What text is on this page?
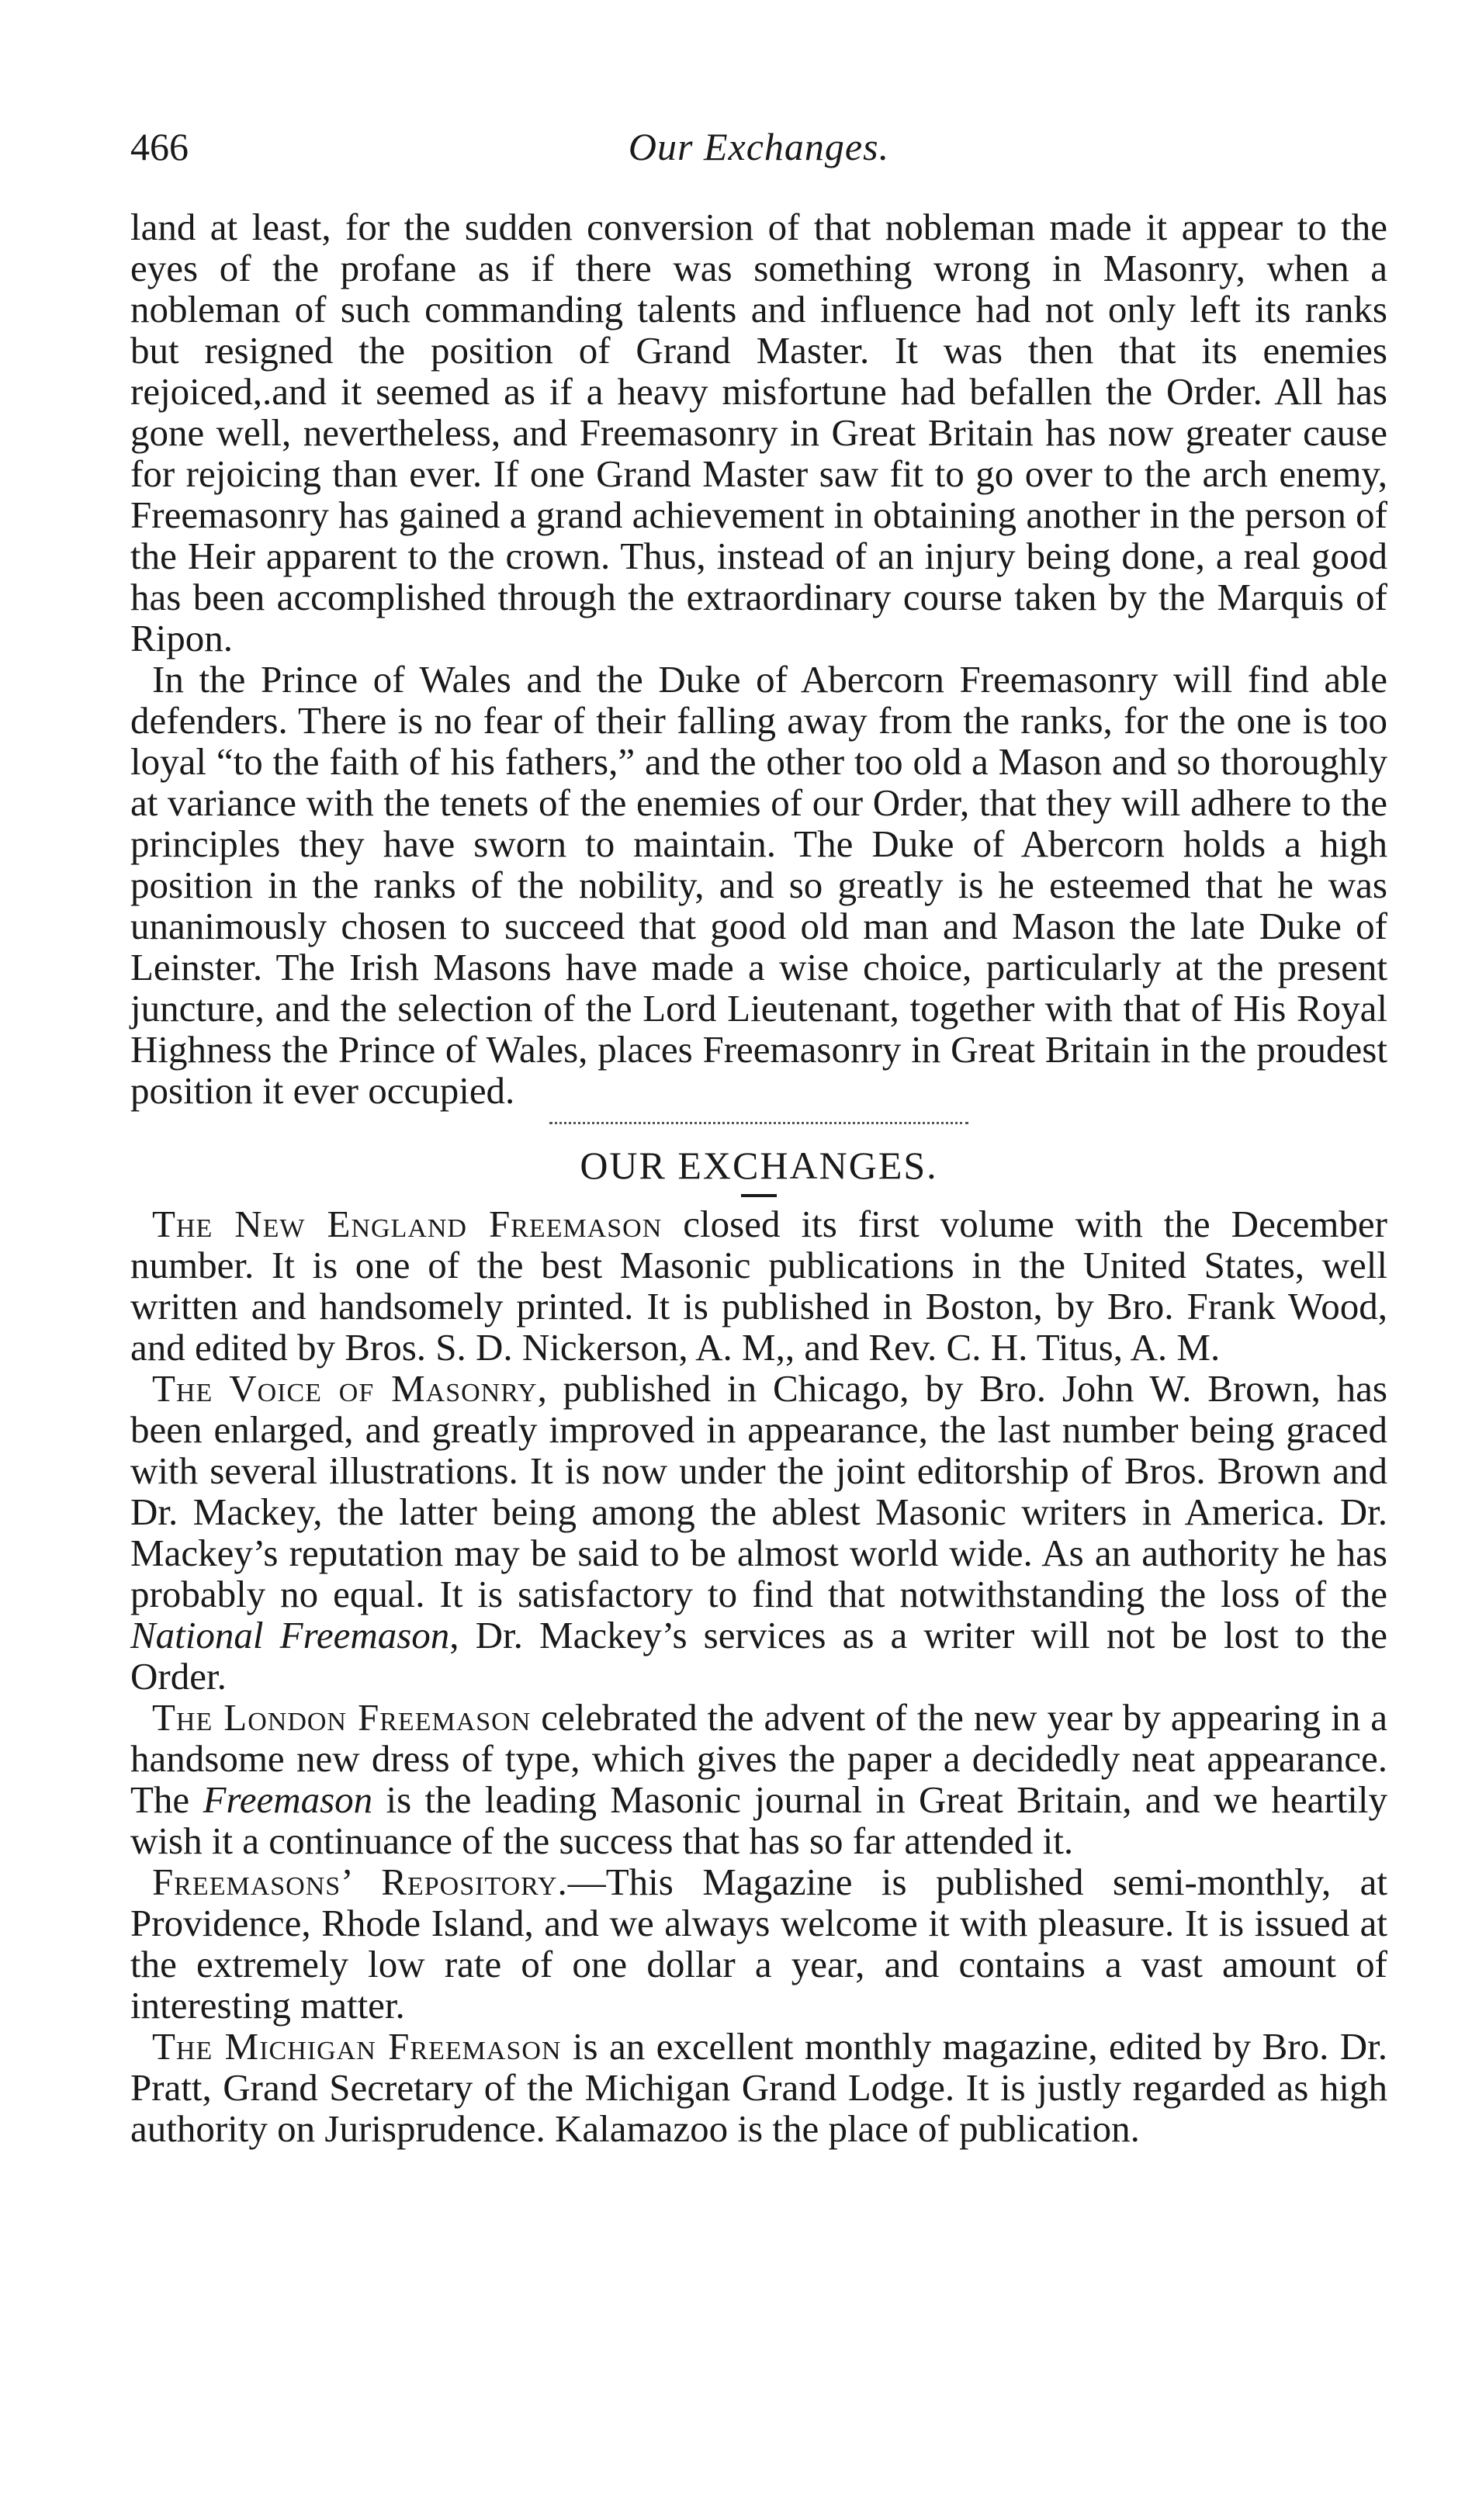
466	Our Exchanges.

land at least, for the sudden conversion of that nobleman made it appear to the eyes of the profane as if there was something wrong in Masonry, when a nobleman of such commanding talents and influence had not only left its ranks but resigned the position of Grand Master. It was then that its enemies rejoiced,.and it seemed as if a heavy misfortune had befallen the Order. All has gone well, nevertheless, and Freemasonry in Great Britain has now greater cause for rejoicing than ever. If one Grand Master saw fit to go over to the arch enemy, Freemasonry has gained a grand achievement in obtaining another in the person of the Heir apparent to the crown. Thus, instead of an injury being done, a real good has been accomplished through the extraordinary course taken by the Marquis of Ripon.

In the Prince of Wales and the Duke of Abercorn Freemasonry will find able defenders. There is no fear of their falling away from the ranks, for the one is too loyal “to the faith of his fathers,” and the other too old a Mason and so thoroughly at variance with the tenets of the enemies of our Order, that they will adhere to the principles they have sworn to maintain. The Duke of Abercorn holds a high position in the ranks of the nobility, and so greatly is he esteemed that he was unanimously chosen to succeed that good old man and Mason the late Duke of Leinster. The Irish Masons have made a wise choice, particularly at the present juncture, and the selection of the Lord Lieutenant, together with that of His Royal Highness the Prince of Wales, places Freemasonry in Great Britain in the proudest position it ever occupied.

OUR EXCHANGES.

The New England Freemason closed its first volume with the December number. It is one of the best Masonic publications in the United States, well written and handsomely printed. It is published in Boston, by Bro. Frank Wood, and edited by Bros. S. D. Nickerson, A. M,, and Rev. C. H. Titus, A. M.

The Voice of Masonry, published in Chicago, by Bro. John W. Brown, has been enlarged, and greatly improved in appearance, the last number being graced with several illustrations. It is now under the joint editorship of Bros. Brown and Dr. Mackey, the latter being among the ablest Masonic writers in America. Dr. Mackey’s reputation may be said to be almost world wide. As an authority he has probably no equal. It is satisfactory to find that notwithstanding the loss of the National Freemason, Dr. Mackey’s services as a writer will not be lost to the Order.

The London Freemason celebrated the advent of the new year by appearing in a handsome new dress of type, which gives the paper a decidedly neat appearance. The Freemason is the leading Masonic journal in Great Britain, and we heartily wish it a continuance of the success that has so far attended it.

Freemasons’ Repository.—This Magazine is published semi-monthly, at Providence, Rhode Island, and we always welcome it with pleasure. It is issued at the extremely low rate of one dollar a year, and contains a vast amount of interesting matter.

The Michigan Freemason is an excellent monthly magazine, edited by Bro. Dr. Pratt, Grand Secretary of the Michigan Grand Lodge. It is justly regarded as high authority on Jurisprudence. Kalamazoo is the place of publication.
